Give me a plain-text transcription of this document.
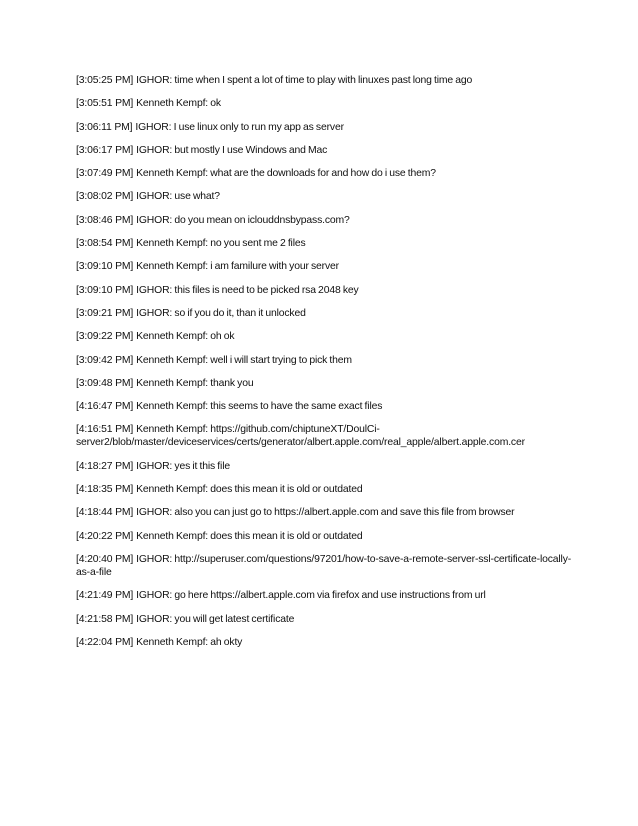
[3:05:25 PM] IGHOR: time when I spent a lot of time to play with linuxes past long time ago
[3:05:51 PM] Kenneth Kempf: ok
[3:06:11 PM] IGHOR: I use linux only to run my app as server
[3:06:17 PM] IGHOR: but mostly I use Windows and Mac
[3:07:49 PM] Kenneth Kempf: what are the downloads for and how do i use them?
[3:08:02 PM] IGHOR: use what?
[3:08:46 PM] IGHOR: do you mean on iclouddnsbypass.com?
[3:08:54 PM] Kenneth Kempf: no you sent me 2 files
[3:09:10 PM] Kenneth Kempf: i am familure with your server
[3:09:10 PM] IGHOR: this files is need to be picked rsa 2048 key
[3:09:21 PM] IGHOR: so if you do it, than it unlocked
[3:09:22 PM] Kenneth Kempf: oh ok
[3:09:42 PM] Kenneth Kempf: well i will start trying to pick them
[3:09:48 PM] Kenneth Kempf: thank you
[4:16:47 PM] Kenneth Kempf: this seems to have the same exact files
[4:16:51 PM] Kenneth Kempf: https://github.com/chiptuneXT/DoulCi-server2/blob/master/deviceservices/certs/generator/albert.apple.com/real_apple/albert.apple.com.cer
[4:18:27 PM] IGHOR: yes it this file
[4:18:35 PM] Kenneth Kempf: does this mean it is old or outdated
[4:18:44 PM] IGHOR: also you can just go to https://albert.apple.com and save this file from browser
[4:20:22 PM] Kenneth Kempf: does this mean it is old or outdated
[4:20:40 PM] IGHOR: http://superuser.com/questions/97201/how-to-save-a-remote-server-ssl-certificate-locally-as-a-file
[4:21:49 PM] IGHOR: go here https://albert.apple.com via firefox and use instructions from url
[4:21:58 PM] IGHOR: you will get latest certificate
[4:22:04 PM] Kenneth Kempf: ah okty
